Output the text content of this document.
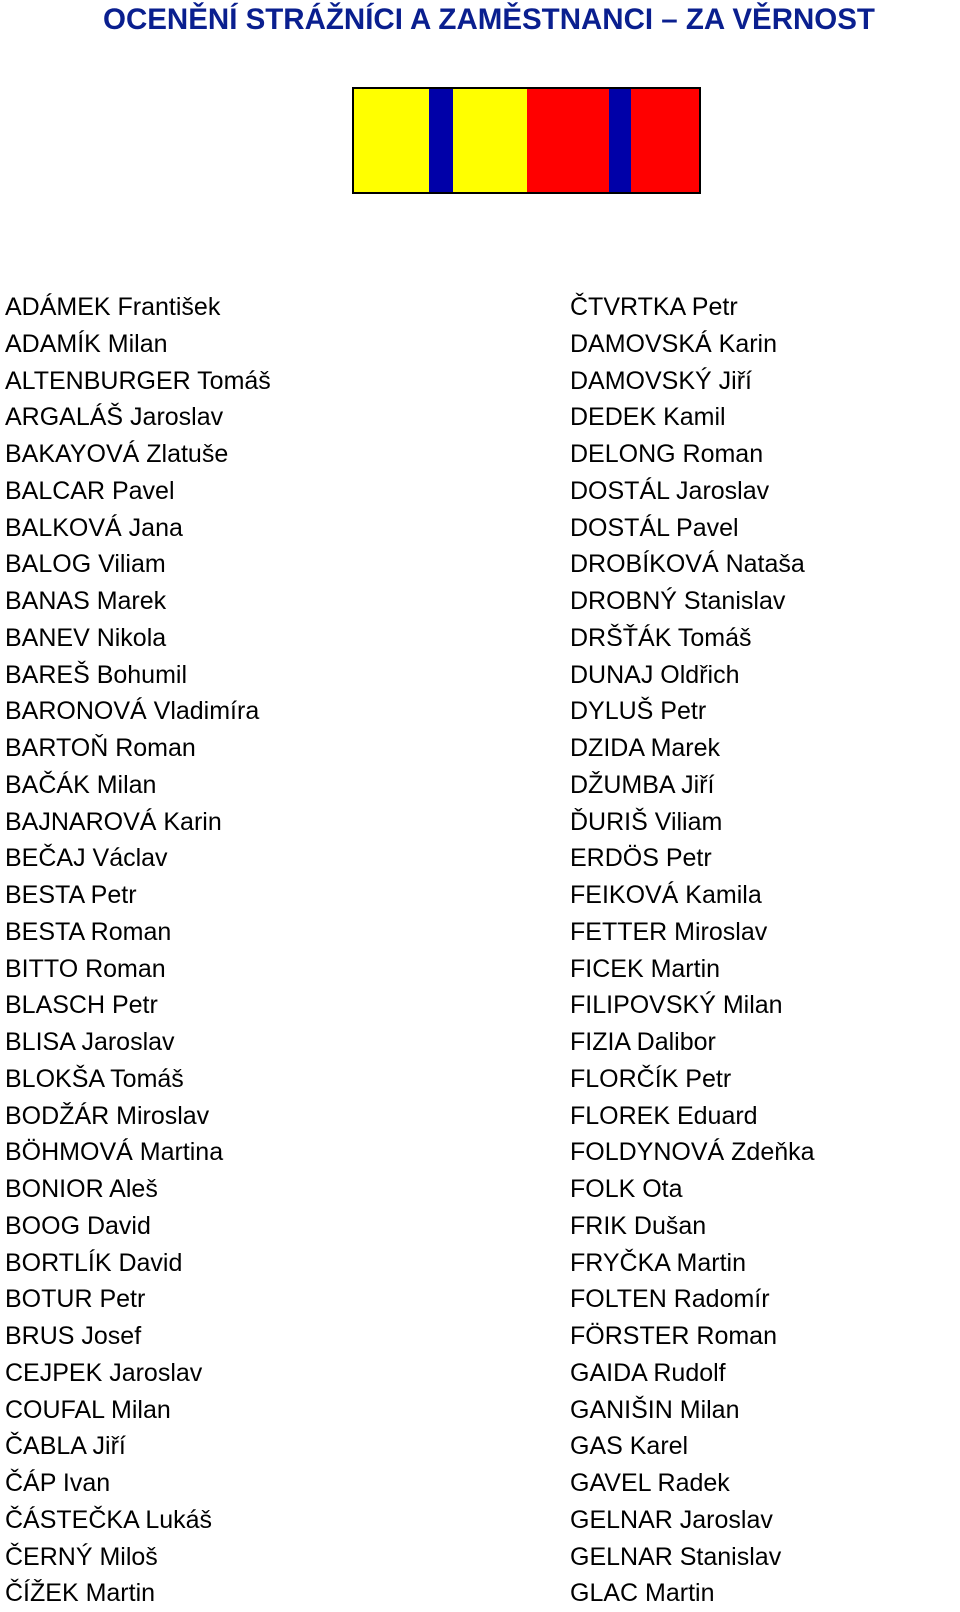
OCENĚNÍ STRÁŽNÍCI A ZAMĚSTNANCI – ZA VĚRNOST
ADÁMEK František
ADAMÍK Milan
ALTENBURGER Tomáš
ARGALÁŠ Jaroslav
BAKAYOVÁ Zlatuše
BALCAR Pavel
BALKOVÁ Jana
BALOG Viliam
BANAS Marek
BANEV Nikola
BAREŠ Bohumil
BARONOVÁ Vladimíra
BARTOŇ Roman
BAČÁK Milan
BAJNAROVÁ Karin
BEČAJ Václav
BESTA Petr
BESTA Roman
BITTO Roman
BLASCH Petr
BLISA Jaroslav
BLOKŠA Tomáš
BODŽÁR Miroslav
BÖHMOVÁ Martina
BONIOR Aleš
BOOG David
BORTLÍK David
BOTUR Petr
BRUS Josef
CEJPEK Jaroslav
COUFAL Milan
ČABLA Jiří
ČÁP Ivan
ČÁSTEČKA Lukáš
ČERNÝ Miloš
ČÍŽEK Martin
ČTVRTKA Petr
DAMOVSKÁ Karin
DAMOVSKÝ Jiří
DEDEK Kamil
DELONG Roman
DOSTÁL Jaroslav
DOSTÁL Pavel
DROBÍKOVÁ Nataša
DROBNÝ Stanislav
DRŠŤÁK Tomáš
DUNAJ Oldřich
DYLUŠ Petr
DZIDA Marek
DŽUMBA Jiří
ĎURIŠ Viliam
ERDÖS Petr
FEIKOVÁ Kamila
FETTER Miroslav
FICEK Martin
FILIPOVSKÝ Milan
FIZIA Dalibor
FLORČÍK Petr
FLOREK Eduard
FOLDYNOVÁ Zdeňka
FOLK Ota
FRIK Dušan
FRYČKA Martin
FOLTEN Radomír
FÖRSTER Roman
GAIDA Rudolf
GANIŠIN Milan
GAS Karel
GAVEL Radek
GELNAR Jaroslav
GELNAR Stanislav
GLAC Martin
